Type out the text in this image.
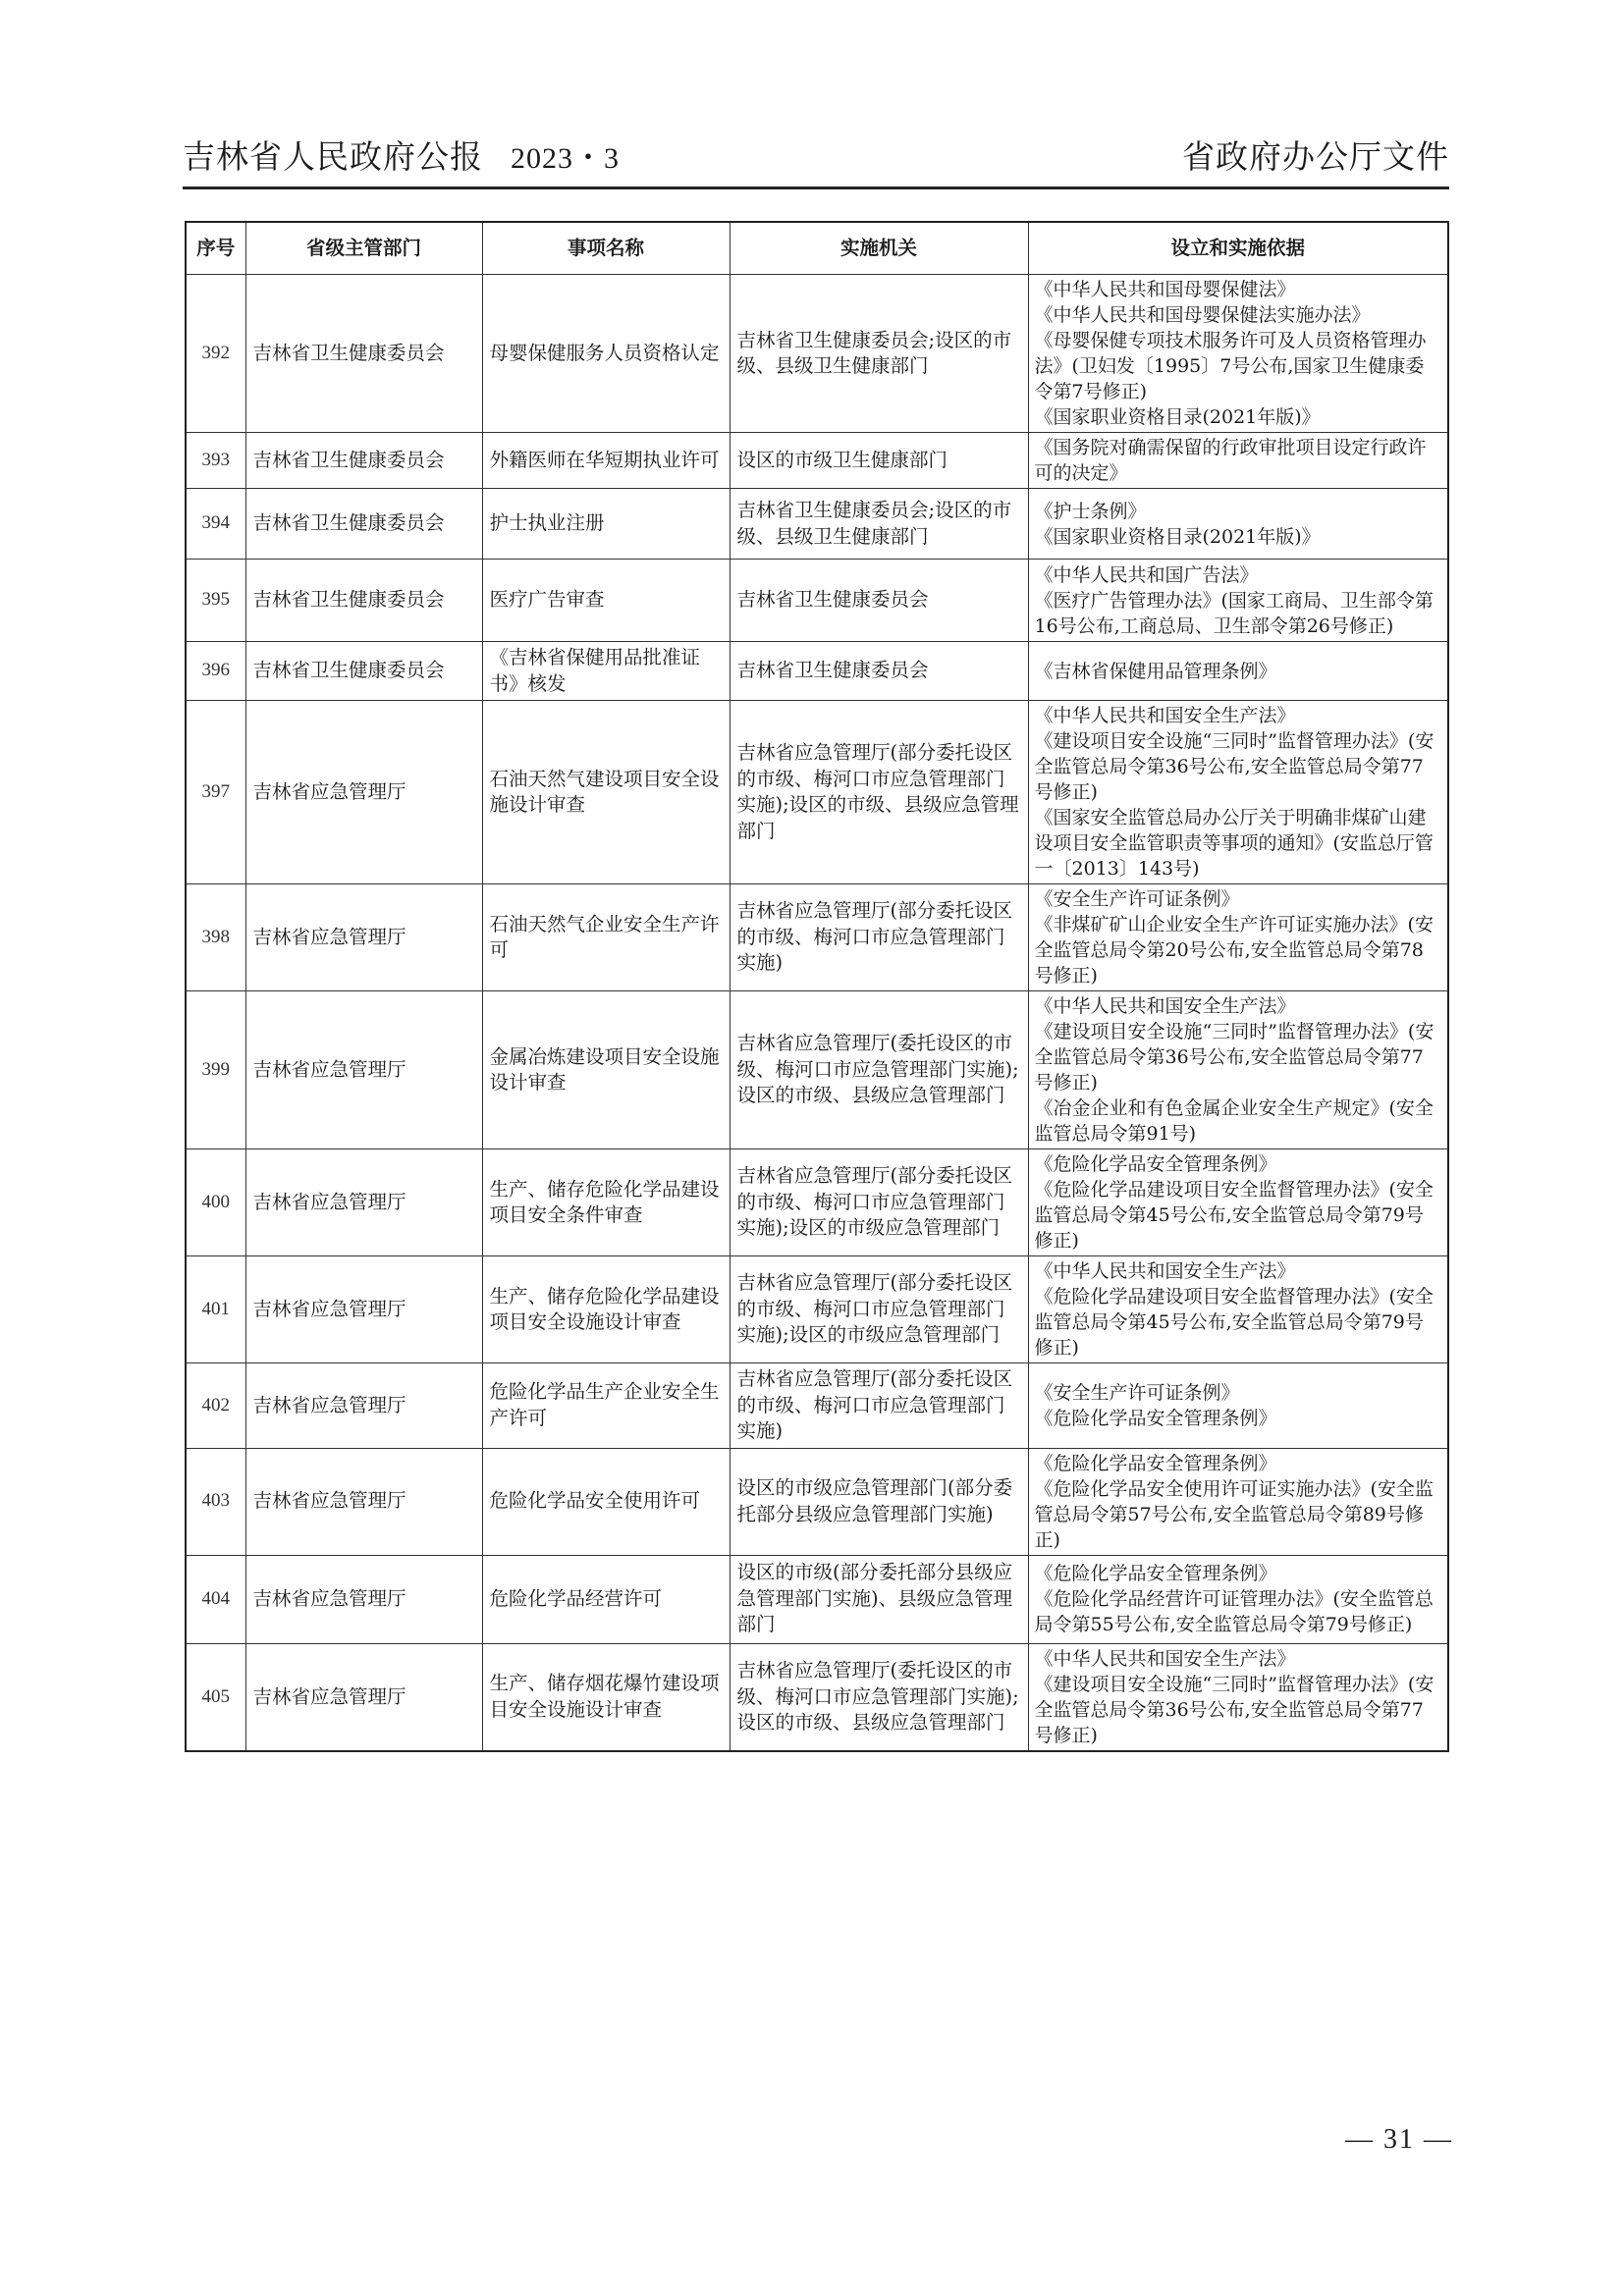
吉林省人民政府公报 2023・3	省政府办公厅文件
序号	省级主管部门	事项名称	实施机关	设立和实施依据
392	吉林省卫生健康委员会	母婴保健服务人员资格认定	吉林省卫生健康委员会;设区的市级、县级卫生健康部门	《中华人民共和国母婴保健法》
《中华人民共和国母婴保健法实施办法》
《母婴保健专项技术服务许可及人员资格管理办法》(卫妇发〔1995〕7号公布,国家卫生健康委令第7号修正)
《国家职业资格目录(2021年版)》

393	吉林省卫生健康委员会	外籍医师在华短期执业许可	设区的市级卫生健康部门	《国务院对确需保留的行政审批项目设定行政许可的决定》

394	吉林省卫生健康委员会	护士执业注册	吉林省卫生健康委员会;设区的市级、县级卫生健康部门	《护士条例》
《国家职业资格目录(2021年版)》

395	吉林省卫生健康委员会	医疗广告审查	吉林省卫生健康委员会	《中华人民共和国广告法》
《医疗广告管理办法》(国家工商局、卫生部令第16号公布,工商总局、卫生部令第26号修正)

396	吉林省卫生健康委员会	《吉林省保健用品批准证书》核发	吉林省卫生健康委员会	《吉林省保健用品管理条例》

397	吉林省应急管理厅	石油天然气建设项目安全设施设计审查	吉林省应急管理厅(部分委托设区的市级、梅河口市应急管理部门实施);设区的市级、县级应急管理部门	《中华人民共和国安全生产法》
《建设项目安全设施“三同时”监督管理办法》(安全监管总局令第36号公布,安全监管总局令第77号修正)
《国家安全监管总局办公厅关于明确非煤矿山建设项目安全监管职责等事项的通知》(安监总厅管一〔2013〕143号)

398	吉林省应急管理厅	石油天然气企业安全生产许可	吉林省应急管理厅(部分委托设区的市级、梅河口市应急管理部门实施)	《安全生产许可证条例》
《非煤矿矿山企业安全生产许可证实施办法》(安全监管总局令第20号公布,安全监管总局令第78号修正)

399	吉林省应急管理厅	金属冶炼建设项目安全设施设计审查	吉林省应急管理厅(委托设区的市级、梅河口市应急管理部门实施);设区的市级、县级应急管理部门	《中华人民共和国安全生产法》
《建设项目安全设施“三同时”监督管理办法》(安全监管总局令第36号公布,安全监管总局令第77号修正)
《冶金企业和有色金属企业安全生产规定》(安全监管总局令第91号)

400	吉林省应急管理厅	生产、储存危险化学品建设项目安全条件审查	吉林省应急管理厅(部分委托设区的市级、梅河口市应急管理部门实施);设区的市级应急管理部门	《危险化学品安全管理条例》
《危险化学品建设项目安全监督管理办法》(安全监管总局令第45号公布,安全监管总局令第79号修正)

401	吉林省应急管理厅	生产、储存危险化学品建设项目安全设施设计审查	吉林省应急管理厅(部分委托设区的市级、梅河口市应急管理部门实施);设区的市级应急管理部门	《中华人民共和国安全生产法》
《危险化学品建设项目安全监督管理办法》(安全监管总局令第45号公布,安全监管总局令第79号修正)

402	吉林省应急管理厅	危险化学品生产企业安全生产许可	吉林省应急管理厅(部分委托设区的市级、梅河口市应急管理部门实施)	《安全生产许可证条例》
《危险化学品安全管理条例》

403	吉林省应急管理厅	危险化学品安全使用许可	设区的市级应急管理部门(部分委托部分县级应急管理部门实施)	《危险化学品安全管理条例》
《危险化学品安全使用许可证实施办法》(安全监管总局令第57号公布,安全监管总局令第89号修正)

404	吉林省应急管理厅	危险化学品经营许可	设区的市级(部分委托部分县级应急管理部门实施)、县级应急管理部门	《危险化学品安全管理条例》
《危险化学品经营许可证管理办法》(安全监管总局令第55号公布,安全监管总局令第79号修正)

405	吉林省应急管理厅	生产、储存烟花爆竹建设项目安全设施设计审查	吉林省应急管理厅(委托设区的市级、梅河口市应急管理部门实施);设区的市级、县级应急管理部门	《中华人民共和国安全生产法》
《建设项目安全设施“三同时”监督管理办法》(安全监管总局令第36号公布,安全监管总局令第77号修正)
— 31 —
